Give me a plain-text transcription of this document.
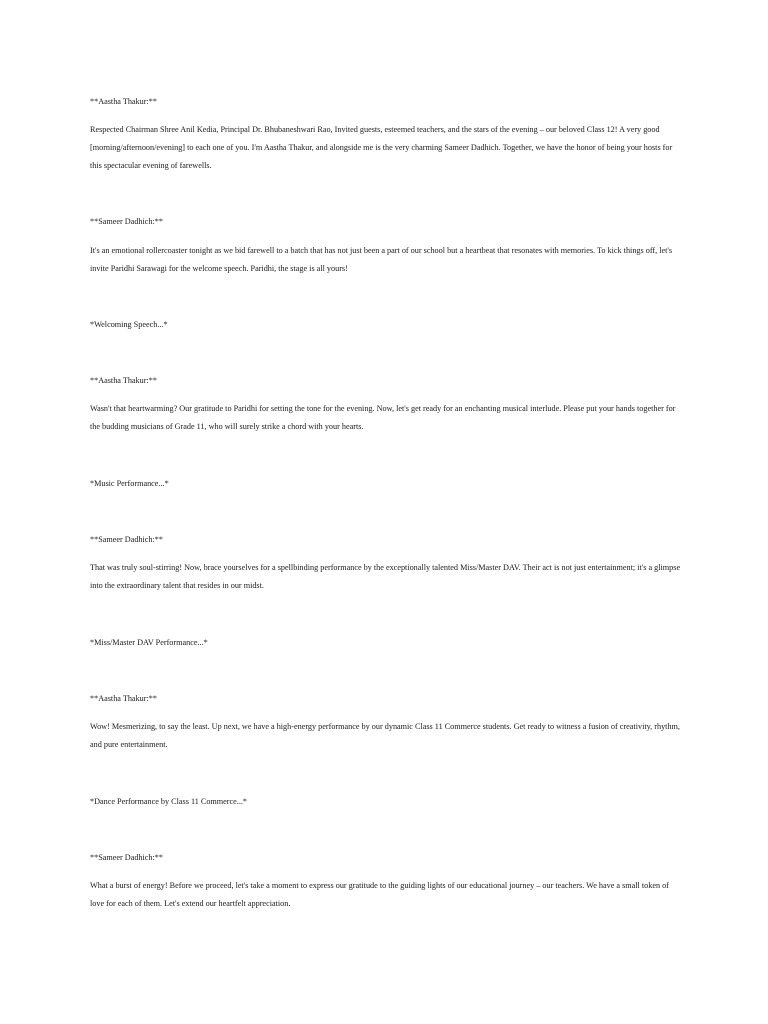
**Aastha Thakur:**

Respected Chairman Shree Anil Kedia, Principal Dr. Bhubaneshwari Rao, Invited guests, esteemed teachers, and the stars of the evening – our beloved Class 12! A very good [morning/afternoon/evening] to each one of you. I'm Aastha Thakur, and alongside me is the very charming Sameer Dadhich. Together, we have the honor of being your hosts for this spectacular evening of farewells.

**Sameer Dadhich:**

It's an emotional rollercoaster tonight as we bid farewell to a batch that has not just been a part of our school but a heartbeat that resonates with memories. To kick things off, let's invite Paridhi Sarawagi for the welcome speech. Paridhi, the stage is all yours!

*Welcoming Speech...*

**Aastha Thakur:**

Wasn't that heartwarming? Our gratitude to Paridhi for setting the tone for the evening. Now, let's get ready for an enchanting musical interlude. Please put your hands together for the budding musicians of Grade 11, who will surely strike a chord with your hearts.

*Music Performance...*

**Sameer Dadhich:**

That was truly soul-stirring! Now, brace yourselves for a spellbinding performance by the exceptionally talented Miss/Master DAV. Their act is not just entertainment; it's a glimpse into the extraordinary talent that resides in our midst.

*Miss/Master DAV Performance...*

**Aastha Thakur:**

Wow! Mesmerizing, to say the least. Up next, we have a high-energy performance by our dynamic Class 11 Commerce students. Get ready to witness a fusion of creativity, rhythm, and pure entertainment.

*Dance Performance by Class 11 Commerce...*

**Sameer Dadhich:**

What a burst of energy! Before we proceed, let's take a moment to express our gratitude to the guiding lights of our educational journey – our teachers. We have a small token of love for each of them. Let's extend our heartfelt appreciation.
